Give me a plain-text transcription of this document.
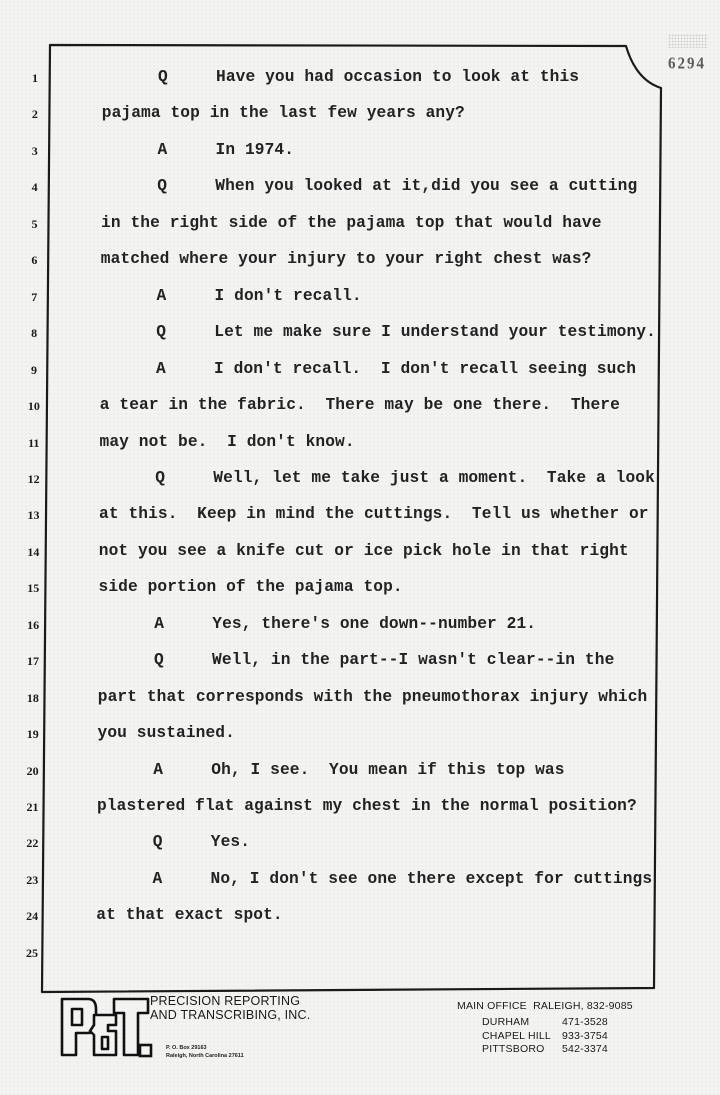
6294
1	Q	Have you had occasion to look at this
2	pajama top in the last few years any?
3	A	In 1974.
4	Q	When you looked at it,did you see a cutting
5	in the right side of the pajama top that would have
6	matched where your injury to your right chest was?
7	A	I don't recall.
8	Q	Let me make sure I understand your testimony.
9	A	I don't recall.  I don't recall seeing such
10	a tear in the fabric.  There may be one there.  There
11	may not be.  I don't know.
12	Q	Well, let me take just a moment.  Take a look
13	at this.  Keep in mind the cuttings.  Tell us whether or
14	not you see a knife cut or ice pick hole in that right
15	side portion of the pajama top.
16	A	Yes, there's one down--number 21.
17	Q	Well, in the part--I wasn't clear--in the
18	part that corresponds with the pneumothorax injury which
19	you sustained.
20	A	Oh, I see.  You mean if this top was
21	plastered flat against my chest in the normal position?
22	Q	Yes.
23	A	No, I don't see one there except for cuttings
24	at that exact spot.
25
PRECISION REPORTING
AND TRANSCRIBING, INC.
P. O. Box 29163
Raleigh, North Carolina 27611
MAIN OFFICE  RALEIGH, 832-9085
DURHAM	471-3528
CHAPEL HILL 933-3754
PITTSBORO 542-3374
